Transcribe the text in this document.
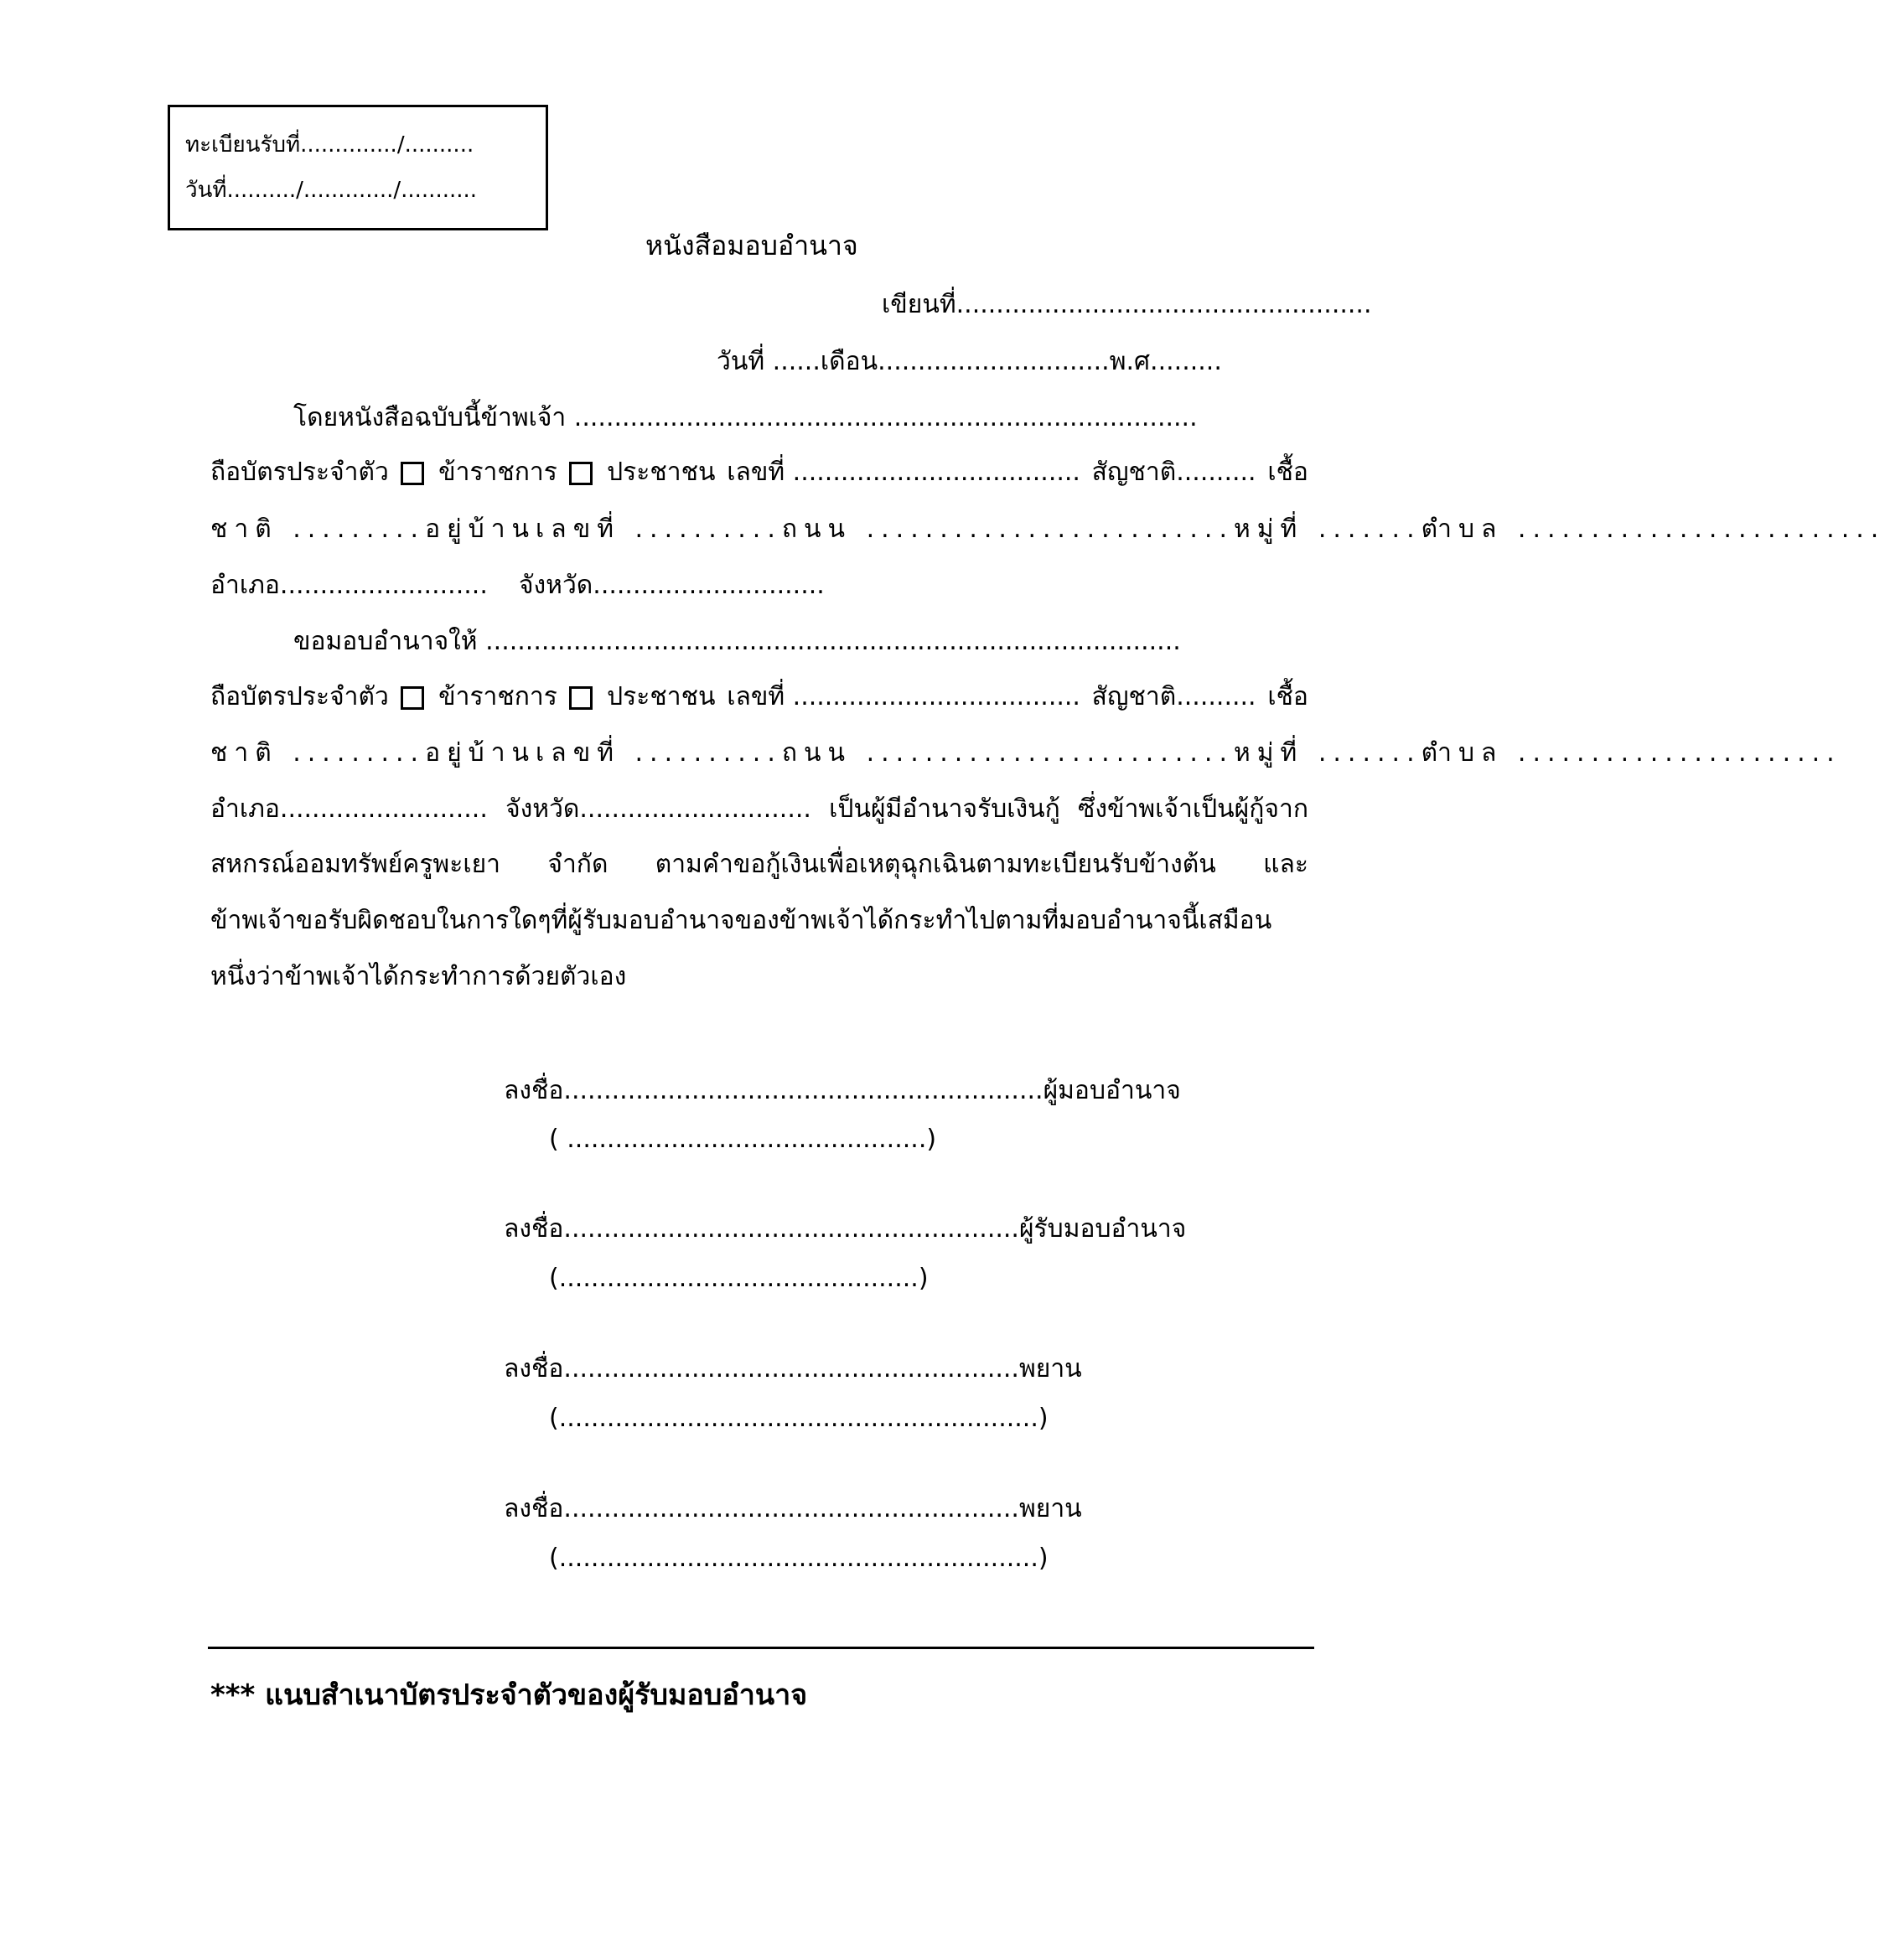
ทะเบียนรับที่............../..........
วันที่........../............./...........
หนังสือมอบอำนาจ
เขียนที่....................................................
วันที่ ......เดือน.............................พ.ศ.........
โดยหนังสือฉบับนี้ข้าพเจ้า ..............................................................................
ถือบัตรประจำตัว	ข้าราชการ	ประชาชน เลขที่ .................................... สัญชาติ.......... เชื้อ
ชาติ ......... อยู่บ้านเลขที่ .......... ถนน ......................... หมู่ที่ ....... ตำบล .........................
อำเภอ.......................... จังหวัด.............................
ขอมอบอำนาจให้ .......................................................................................
ถือบัตรประจำตัว	ข้าราชการ	ประชาชน เลขที่ .................................... สัญชาติ.......... เชื้อ
ชาติ ......... อยู่บ้านเลขที่ .......... ถนน ......................... หมู่ที่ ....... ตำบล ......................
อำเภอ.......................... จังหวัด............................. เป็นผู้มีอำนาจรับเงินกู้ ซึ่งข้าพเจ้าเป็นผู้กู้จาก
สหกรณ์ออมทรัพย์ครูพะเยา จำกัด ตามคำขอกู้เงินเพื่อเหตุฉุกเฉินตามทะเบียนรับข้างต้น และ
ข้าพเจ้าขอรับผิดชอบในการใดๆที่ผู้รับมอบอำนาจของข้าพเจ้าได้กระทำไปตามที่มอบอำนาจนี้เสมือน
หนึ่งว่าข้าพเจ้าได้กระทำการด้วยตัวเอง
ลงชื่อ............................................................ผู้มอบอำนาจ
( .............................................)
ลงชื่อ.........................................................ผู้รับมอบอำนาจ
(.............................................)
ลงชื่อ.........................................................พยาน
(............................................................)
ลงชื่อ.........................................................พยาน
(............................................................)
*** แนบสำเนาบัตรประจำตัวของผู้รับมอบอำนาจ
